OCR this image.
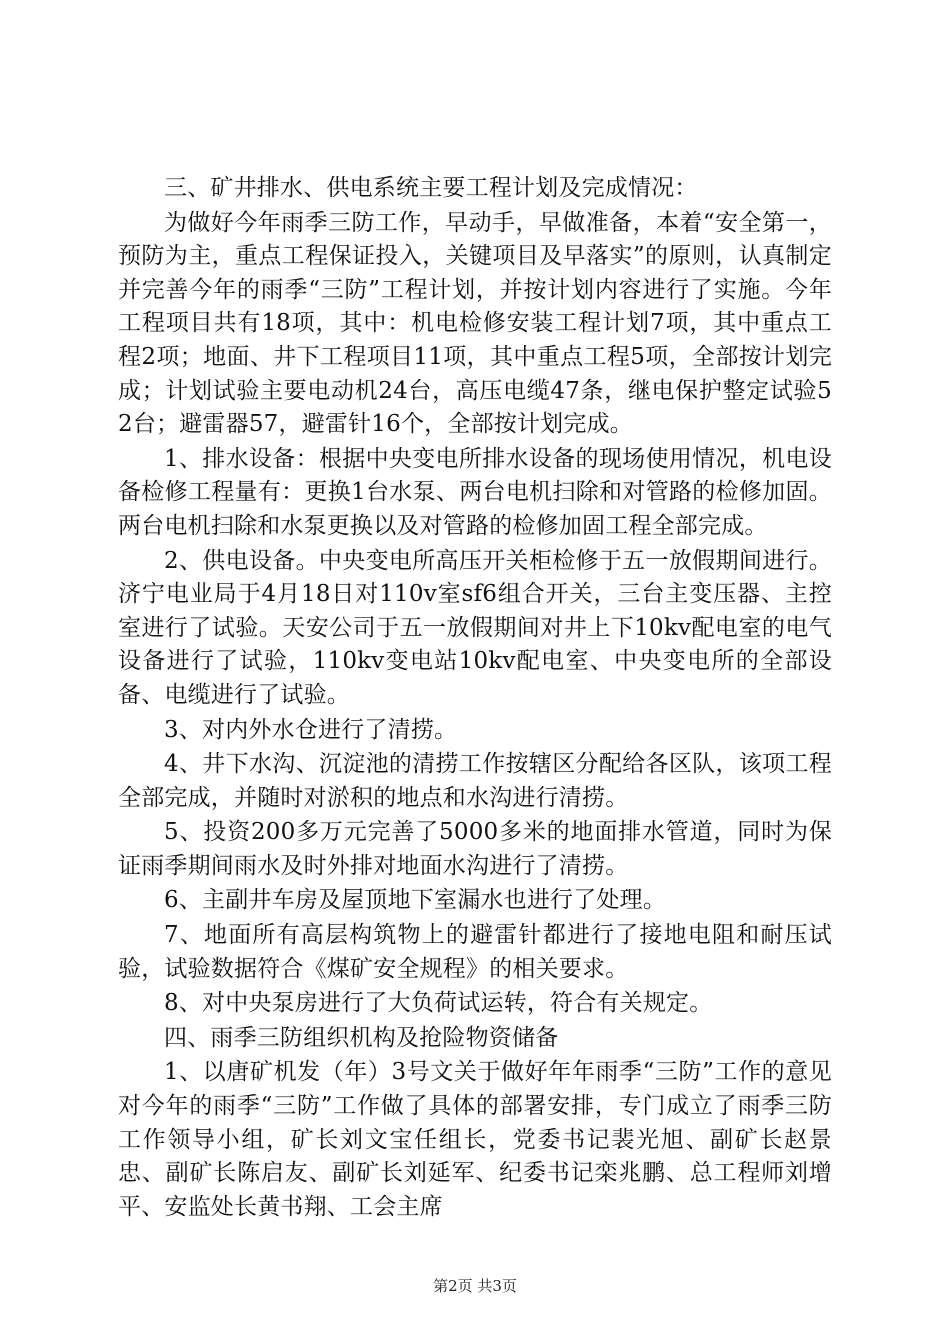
三、矿井排水、供电系统主要工程计划及完成情况：

为做好今年雨季三防工作，早动手，早做准备，本着“安全第一，预防为主，重点工程保证投入，关键项目及早落实”的原则，认真制定并完善今年的雨季“三防”工程计划，并按计划内容进行了实施。今年工程项目共有18项，其中：机电检修安装工程计划7项，其中重点工程2项；地面、井下工程项目11项，其中重点工程5项，全部按计划完成；计划试验主要电动机24台，高压电缆47条，继电保护整定试验52台；避雷器57，避雷针16个，全部按计划完成。

1、排水设备：根据中央变电所排水设备的现场使用情况，机电设备检修工程量有：更换1台水泵、两台电机扫除和对管路的检修加固。两台电机扫除和水泵更换以及对管路的检修加固工程全部完成。

2、供电设备。中央变电所高压开关柜检修于五一放假期间进行。济宁电业局于4月18日对110v室sf6组合开关，三台主变压器、主控室进行了试验。天安公司于五一放假期间对井上下10kv配电室的电气设备进行了试验，110kv变电站10kv配电室、中央变电所的全部设备、电缆进行了试验。

3、对内外水仓进行了清捞。

4、井下水沟、沉淀池的清捞工作按辖区分配给各区队，该项工程全部完成，并随时对淤积的地点和水沟进行清捞。

5、投资200多万元完善了5000多米的地面排水管道，同时为保证雨季期间雨水及时外排对地面水沟进行了清捞。

6、主副井车房及屋顶地下室漏水也进行了处理。

7、地面所有高层构筑物上的避雷针都进行了接地电阻和耐压试验，试验数据符合《煤矿安全规程》的相关要求。

8、对中央泵房进行了大负荷试运转，符合有关规定。

四、雨季三防组织机构及抢险物资储备

1、以唐矿机发（年）3号文关于做好年年雨季“三防”工作的意见对今年的雨季“三防”工作做了具体的部署安排，专门成立了雨季三防工作领导小组，矿长刘文宝任组长，党委书记裴光旭、副矿长赵景忠、副矿长陈启友、副矿长刘延军、纪委书记栾兆鹏、总工程师刘增平、安监处长黄书翔、工会主席

第2页 共3页
